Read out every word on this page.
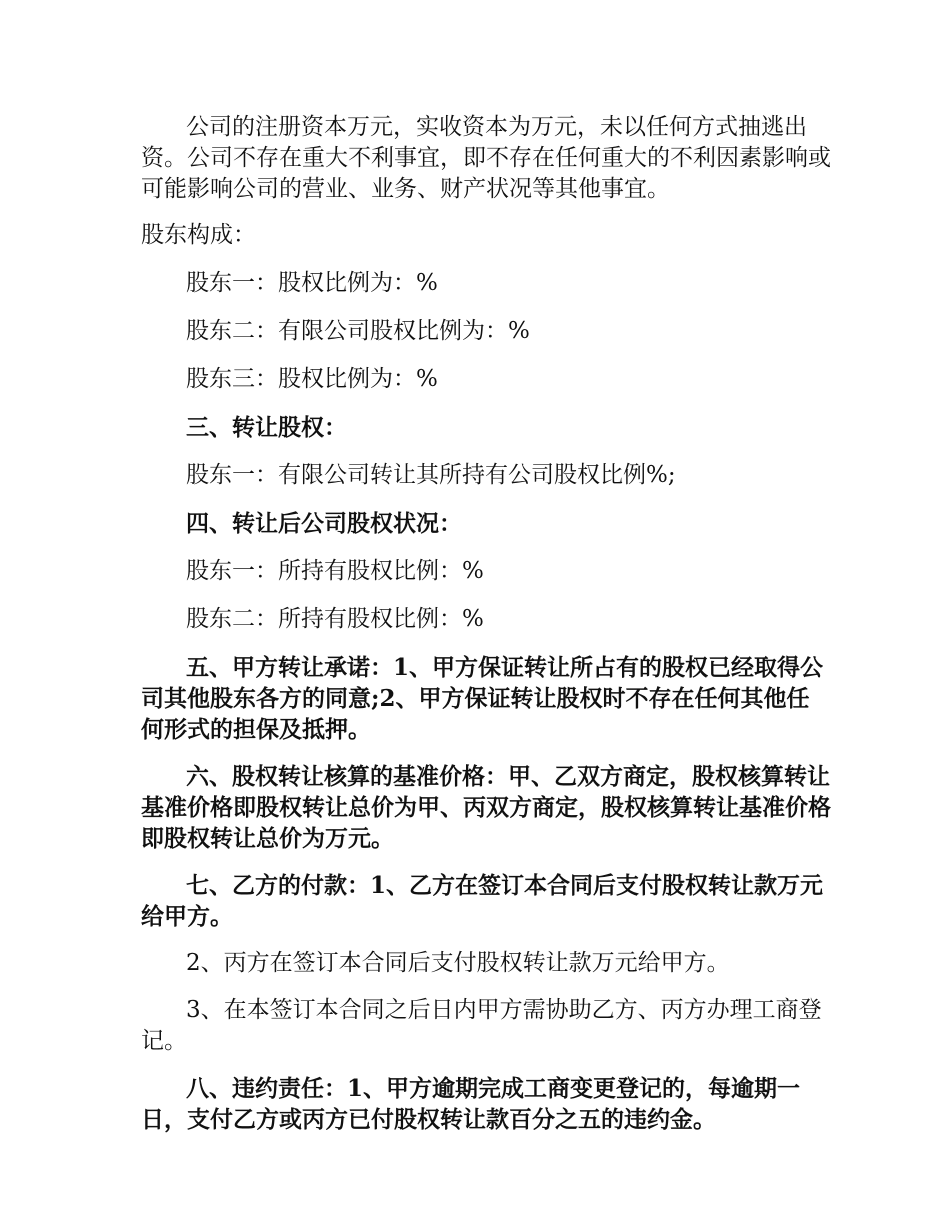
公司的注册资本万元，实收资本为万元，未以任何方式抽逃出资。公司不存在重大不利事宜，即不存在任何重大的不利因素影响或可能影响公司的营业、业务、财产状况等其他事宜。

股东构成：

股东一：股权比例为：%

股东二：有限公司股权比例为：%

股东三：股权比例为：%

三、转让股权：

股东一：有限公司转让其所持有公司股权比例%;

四、转让后公司股权状况：

股东一：所持有股权比例：%

股东二：所持有股权比例：%

五、甲方转让承诺：1、甲方保证转让所占有的股权已经取得公司其他股东各方的同意;2、甲方保证转让股权时不存在任何其他任何形式的担保及抵押。

六、股权转让核算的基准价格：甲、乙双方商定，股权核算转让基准价格即股权转让总价为甲、丙双方商定，股权核算转让基准价格即股权转让总价为万元。

七、乙方的付款：1、乙方在签订本合同后支付股权转让款万元给甲方。

2、丙方在签订本合同后支付股权转让款万元给甲方。

3、在本签订本合同之后日内甲方需协助乙方、丙方办理工商登记。

八、违约责任：1、甲方逾期完成工商变更登记的，每逾期一日，支付乙方或丙方已付股权转让款百分之五的违约金。
